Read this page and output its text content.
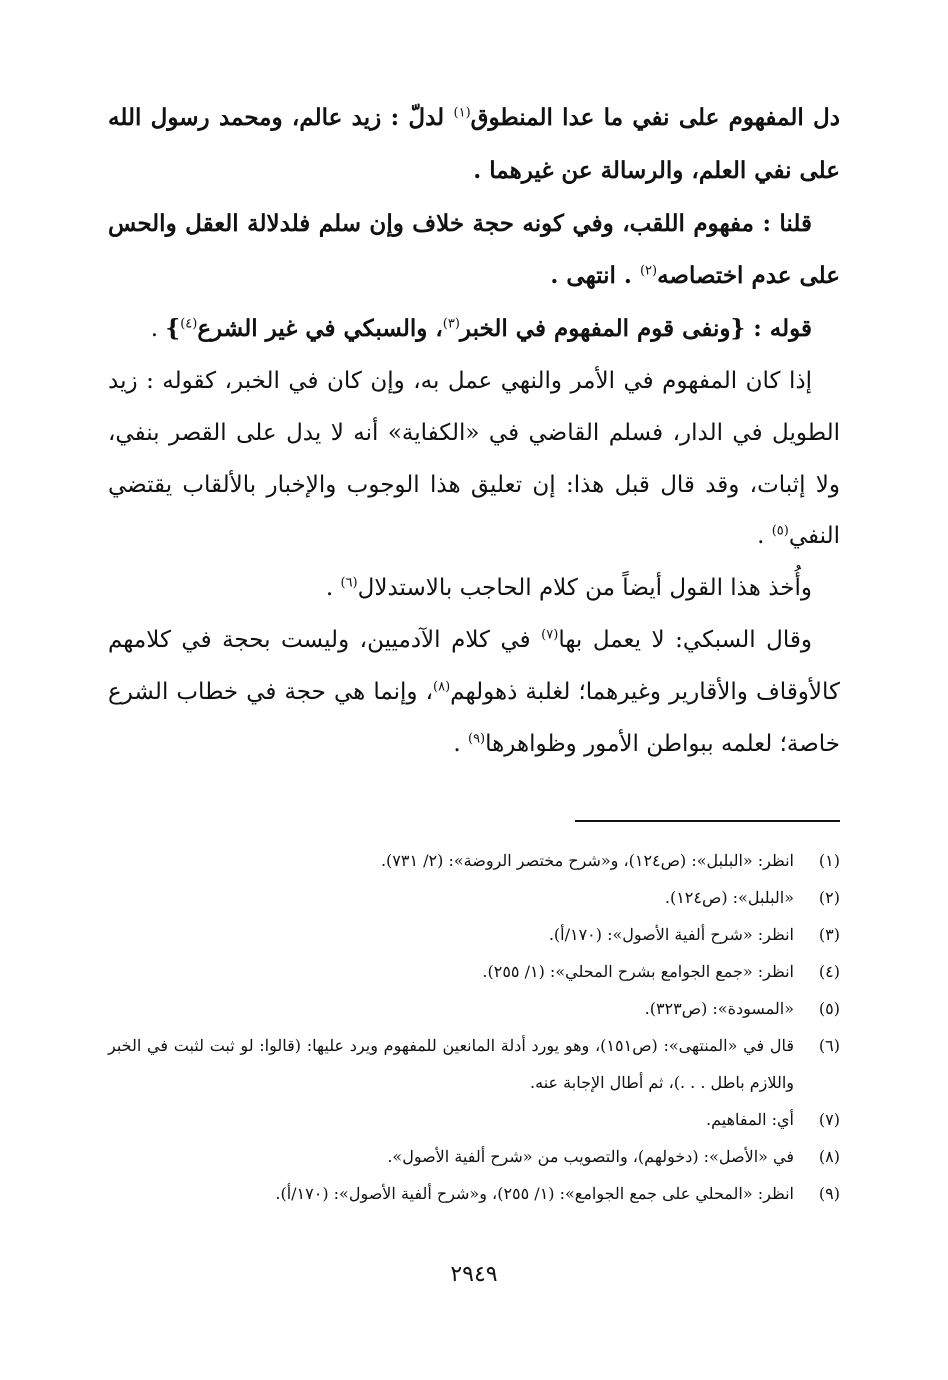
دل المفهوم على نفي ما عدا المنطوق$^{(١)}$ لدلّ : زيد عالم، ومحمد رسول الله على نفي العلم، والرسالة عن غيرهما .

قلنا : مفهوم اللقب، وفي كونه حجة خلاف وإن سلم فلدلالة العقل والحس على عدم اختصاصه$^{(٢)}$ . انتهى .

قوله : {ونفى قوم المفهوم في الخبر$^{(٣)}$، والسبكي في غير الشرع$^{(٤)}$} .

إذا كان المفهوم في الأمر والنهي عمل به، وإن كان في الخبر، كقوله : زيد الطويل في الدار، فسلم القاضي في «الكفاية» أنه لا يدل على القصر بنفي، ولا إثبات، وقد قال قبل هذا: إن تعليق هذا الوجوب والإخبار بالألقاب يقتضي النفي$^{(٥)}$ .

وأُخذ هذا القول أيضاً من كلام الحاجب بالاستدلال$^{(٦)}$ .

وقال السبكي: لا يعمل بها$^{(٧)}$ في كلام الآدميين، وليست بحجة في كلامهم كالأوقاف والأقارير وغيرهما؛ لغلبة ذهولهم$^{(٨)}$، وإنما هي حجة في خطاب الشرع خاصة؛ لعلمه ببواطن الأمور وظواهرها$^{(٩)}$ .

(١)
انظر: «البلبل»: (ص١٢٤)، و«شرح مختصر الروضة»: (٢/ ٧٣١).
(٢)
«البلبل»: (ص١٢٤).
(٣)
انظر: «شرح ألفية الأصول»: (١٧٠/أ).
(٤)
انظر: «جمع الجوامع بشرح المحلي»: (١/ ٢٥٥).
(٥)
«المسودة»: (ص٣٢٣).
(٦)
قال في «المنتهى»: (ص١٥١)، وهو يورد أدلة المانعين للمفهوم ويرد عليها: (قالوا: لو ثبت لثبت في الخبر واللازم باطل . . .)، ثم أطال الإجابة عنه.
(٧)
أي: المفاهيم.
(٨)
في «الأصل»: (دخولهم)، والتصويب من «شرح ألفية الأصول».
(٩)
انظر: «المحلي على جمع الجوامع»: (١/ ٢٥٥)، و«شرح ألفية الأصول»: (١٧٠/أ).
٢٩٤٩
